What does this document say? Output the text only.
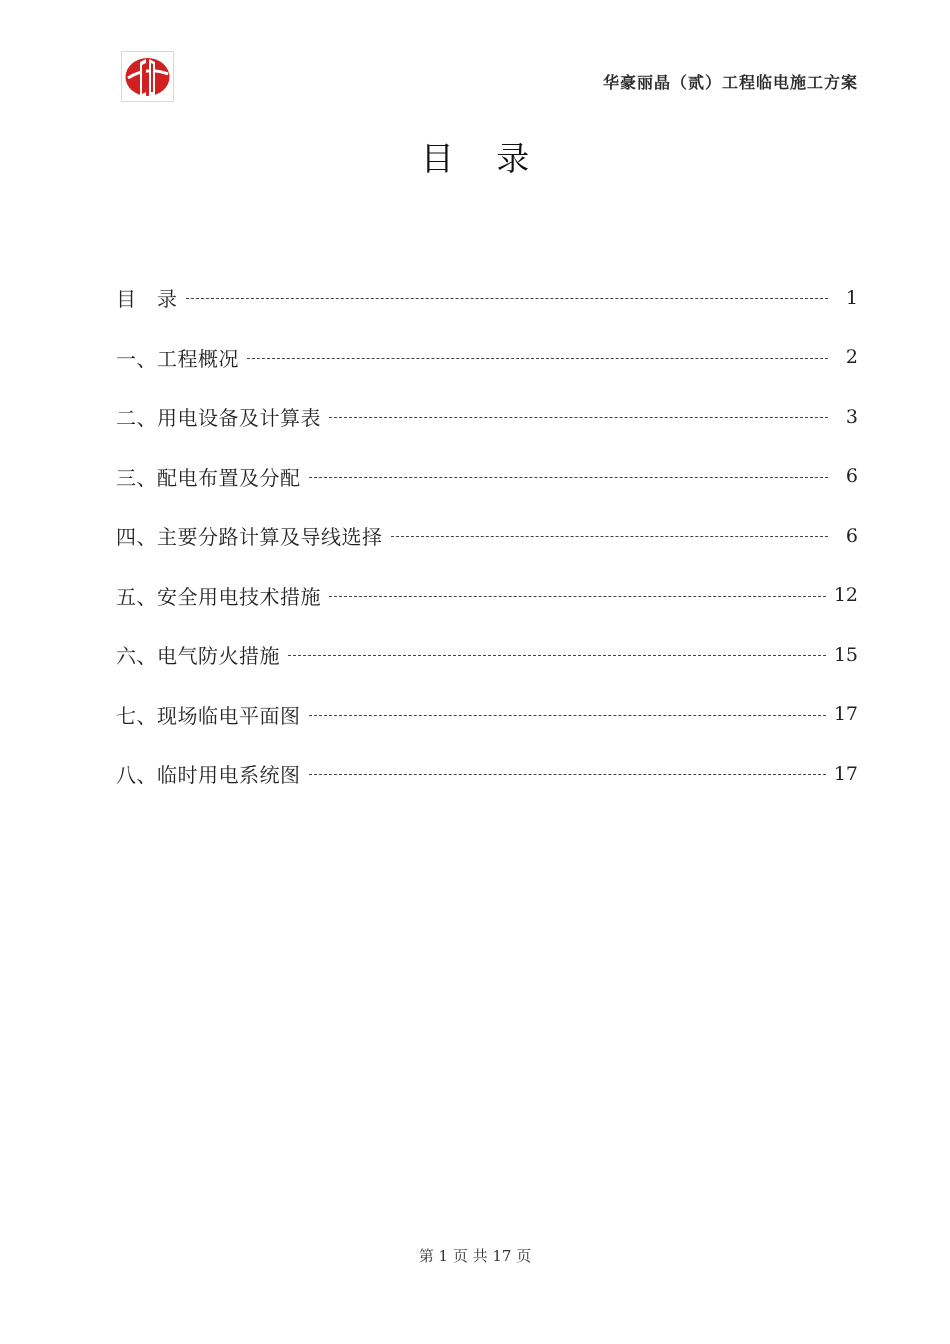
华豪丽晶（贰）工程临电施工方案
目 录
目　录	1
一、工程概况	2
二、用电设备及计算表	3
三、配电布置及分配	6
四、主要分路计算及导线选择	6
五、安全用电技术措施	12
六、电气防火措施	15
七、现场临电平面图	17
八、临时用电系统图	17
第 1 页 共 17 页
